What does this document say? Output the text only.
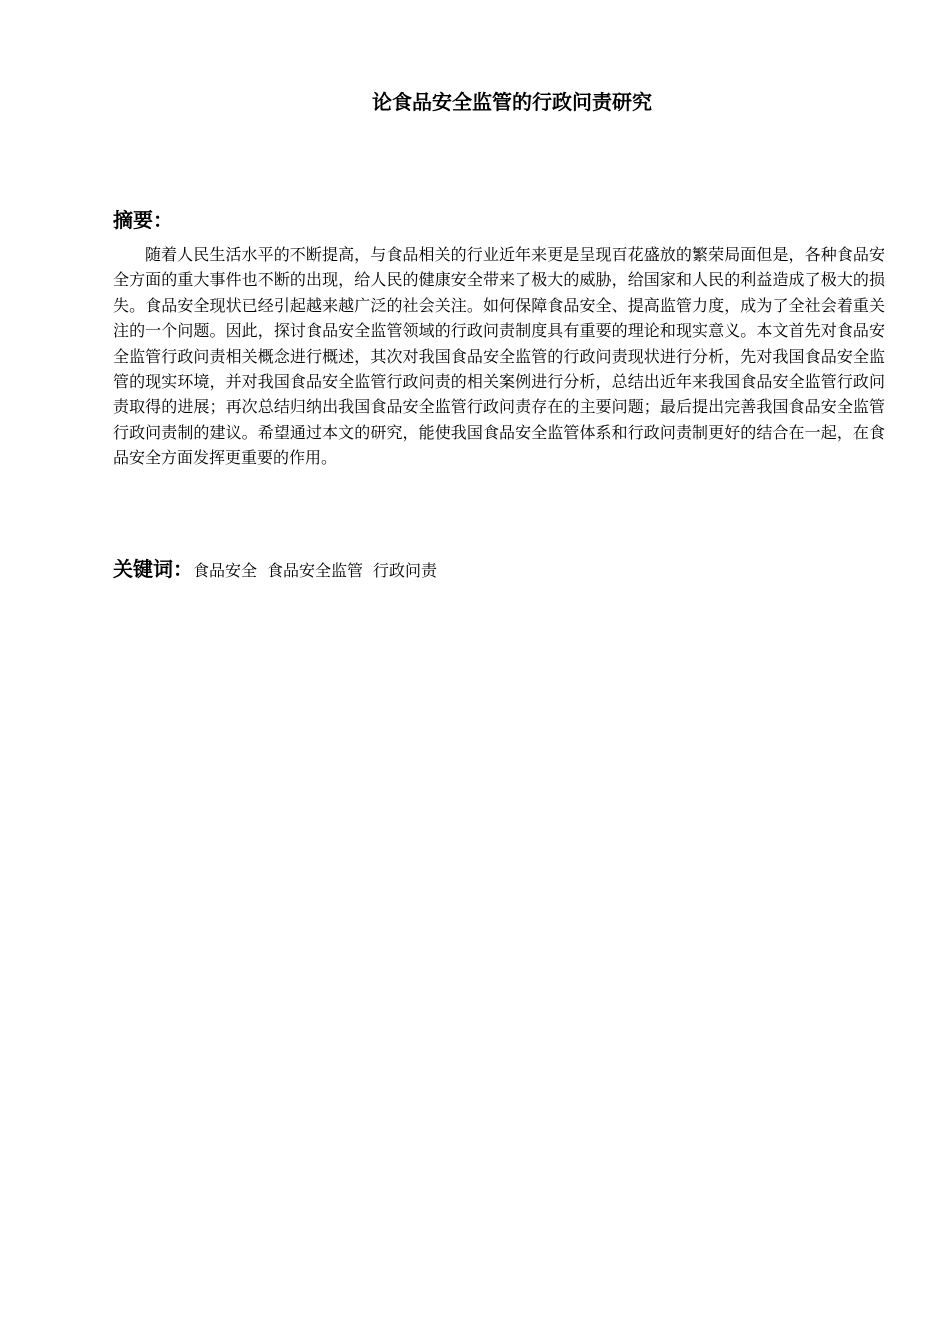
论食品安全监管的行政问责研究
摘要：

随着人民生活水平的不断提高，与食品相关的行业近年来更是呈现百花盛放的繁荣局面但是，各种食品安全方面的重大事件也不断的出现，给人民的健康安全带来了极大的威胁，给国家和人民的利益造成了极大的损失。食品安全现状已经引起越来越广泛的社会关注。如何保障食品安全、提高监管力度，成为了全社会着重关注的一个问题。因此，探讨食品安全监管领域的行政问责制度具有重要的理论和现实意义。本文首先对食品安全监管行政问责相关概念进行概述，其次对我国食品安全监管的行政问责现状进行分析，先对我国食品安全监管的现实环境，并对我国食品安全监管行政问责的相关案例进行分析，总结出近年来我国食品安全监管行政问责取得的进展；再次总结归纳出我国食品安全监管行政问责存在的主要问题；最后提出完善我国食品安全监管行政问责制的建议。希望通过本文的研究，能使我国食品安全监管体系和行政问责制更好的结合在一起，在食品安全方面发挥更重要的作用。

关键词： 食品安全 食品安全监管 行政问责
